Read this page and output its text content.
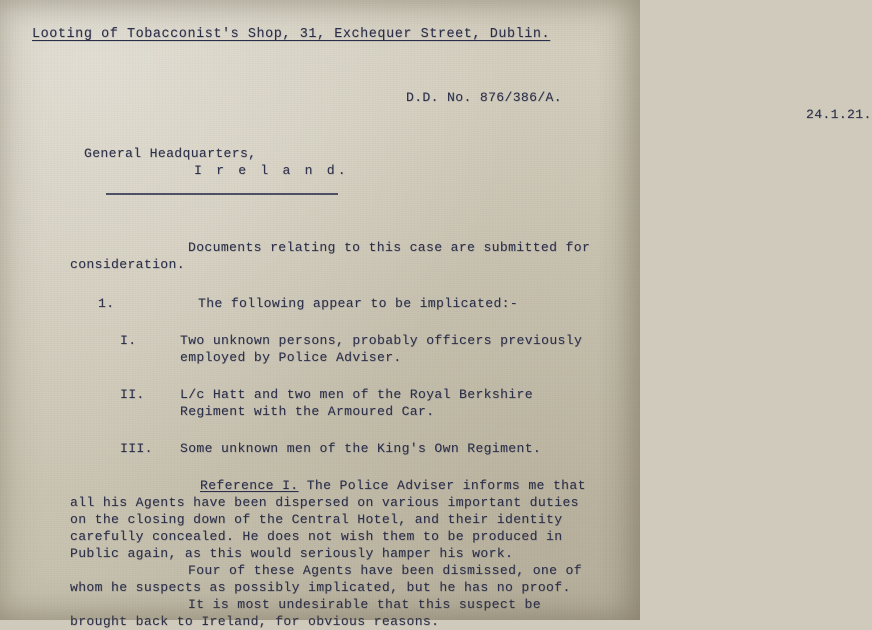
Looting of Tobacconist's Shop, 31, Exchequer Street, Dublin.
D.D. No. 876/386/A.
24.1.21.
General Headquarters,
I r e l a n d.
Documents relating to this case are submitted for
consideration.
1.	The following appear to be implicated:-
I.	Two unknown persons, probably officers previously
employed by Police Adviser.
II.	L/c Hatt and two men of the Royal Berkshire
Regiment with the Armoured Car.
III.	Some unknown men of the King's Own Regiment.

Reference I. The Police Adviser informs me that

all his Agents have been dispersed on various important duties

on the closing down of the Central Hotel, and their identity

carefully concealed. He does not wish them to be produced in

Public again, as this would seriously hamper his work.

Four of these Agents have been dismissed, one of

whom he suspects as possibly implicated, but he has no proof.

It is most undesirable that this suspect be

brought back to Ireland, for obvious reasons.
